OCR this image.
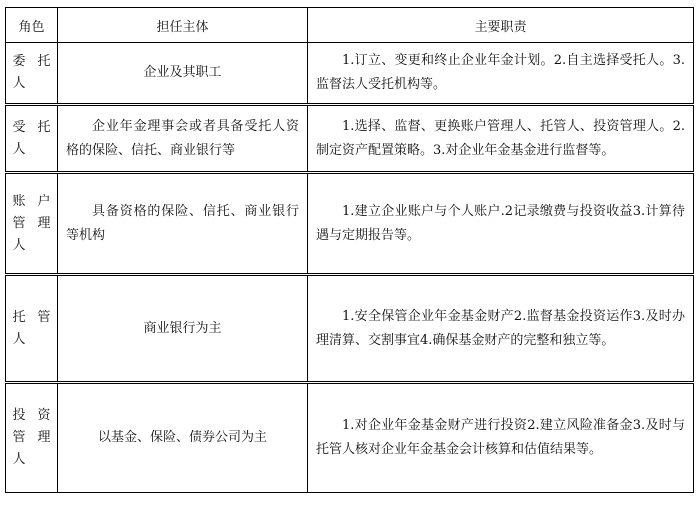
角色	担任主体	主要职责
委托人	企业及其职工	1.订立、变更和终止企业年金计划。2.自主选择受托人。3.监督法人受托机构等。
受托人	企业年金理事会或者具备受托人资格的保险、信托、商业银行等	1.选择、监督、更换账户管理人、托管人、投资管理人。2.制定资产配置策略。3.对企业年金基金进行监督等。
账户管理人	具备资格的保险、信托、商业银行等机构	1.建立企业账户与个人账户.2记录缴费与投资收益3.计算待遇与定期报告等。
托管人	商业银行为主	1.安全保管企业年金基金财产2.监督基金投资运作3.及时办理清算、交割事宜4.确保基金财产的完整和独立等。
投资管理人	以基金、保险、债券公司为主	1.对企业年金基金财产进行投资2.建立风险准备金3.及时与托管人核对企业年金基金会计核算和估值结果等。
